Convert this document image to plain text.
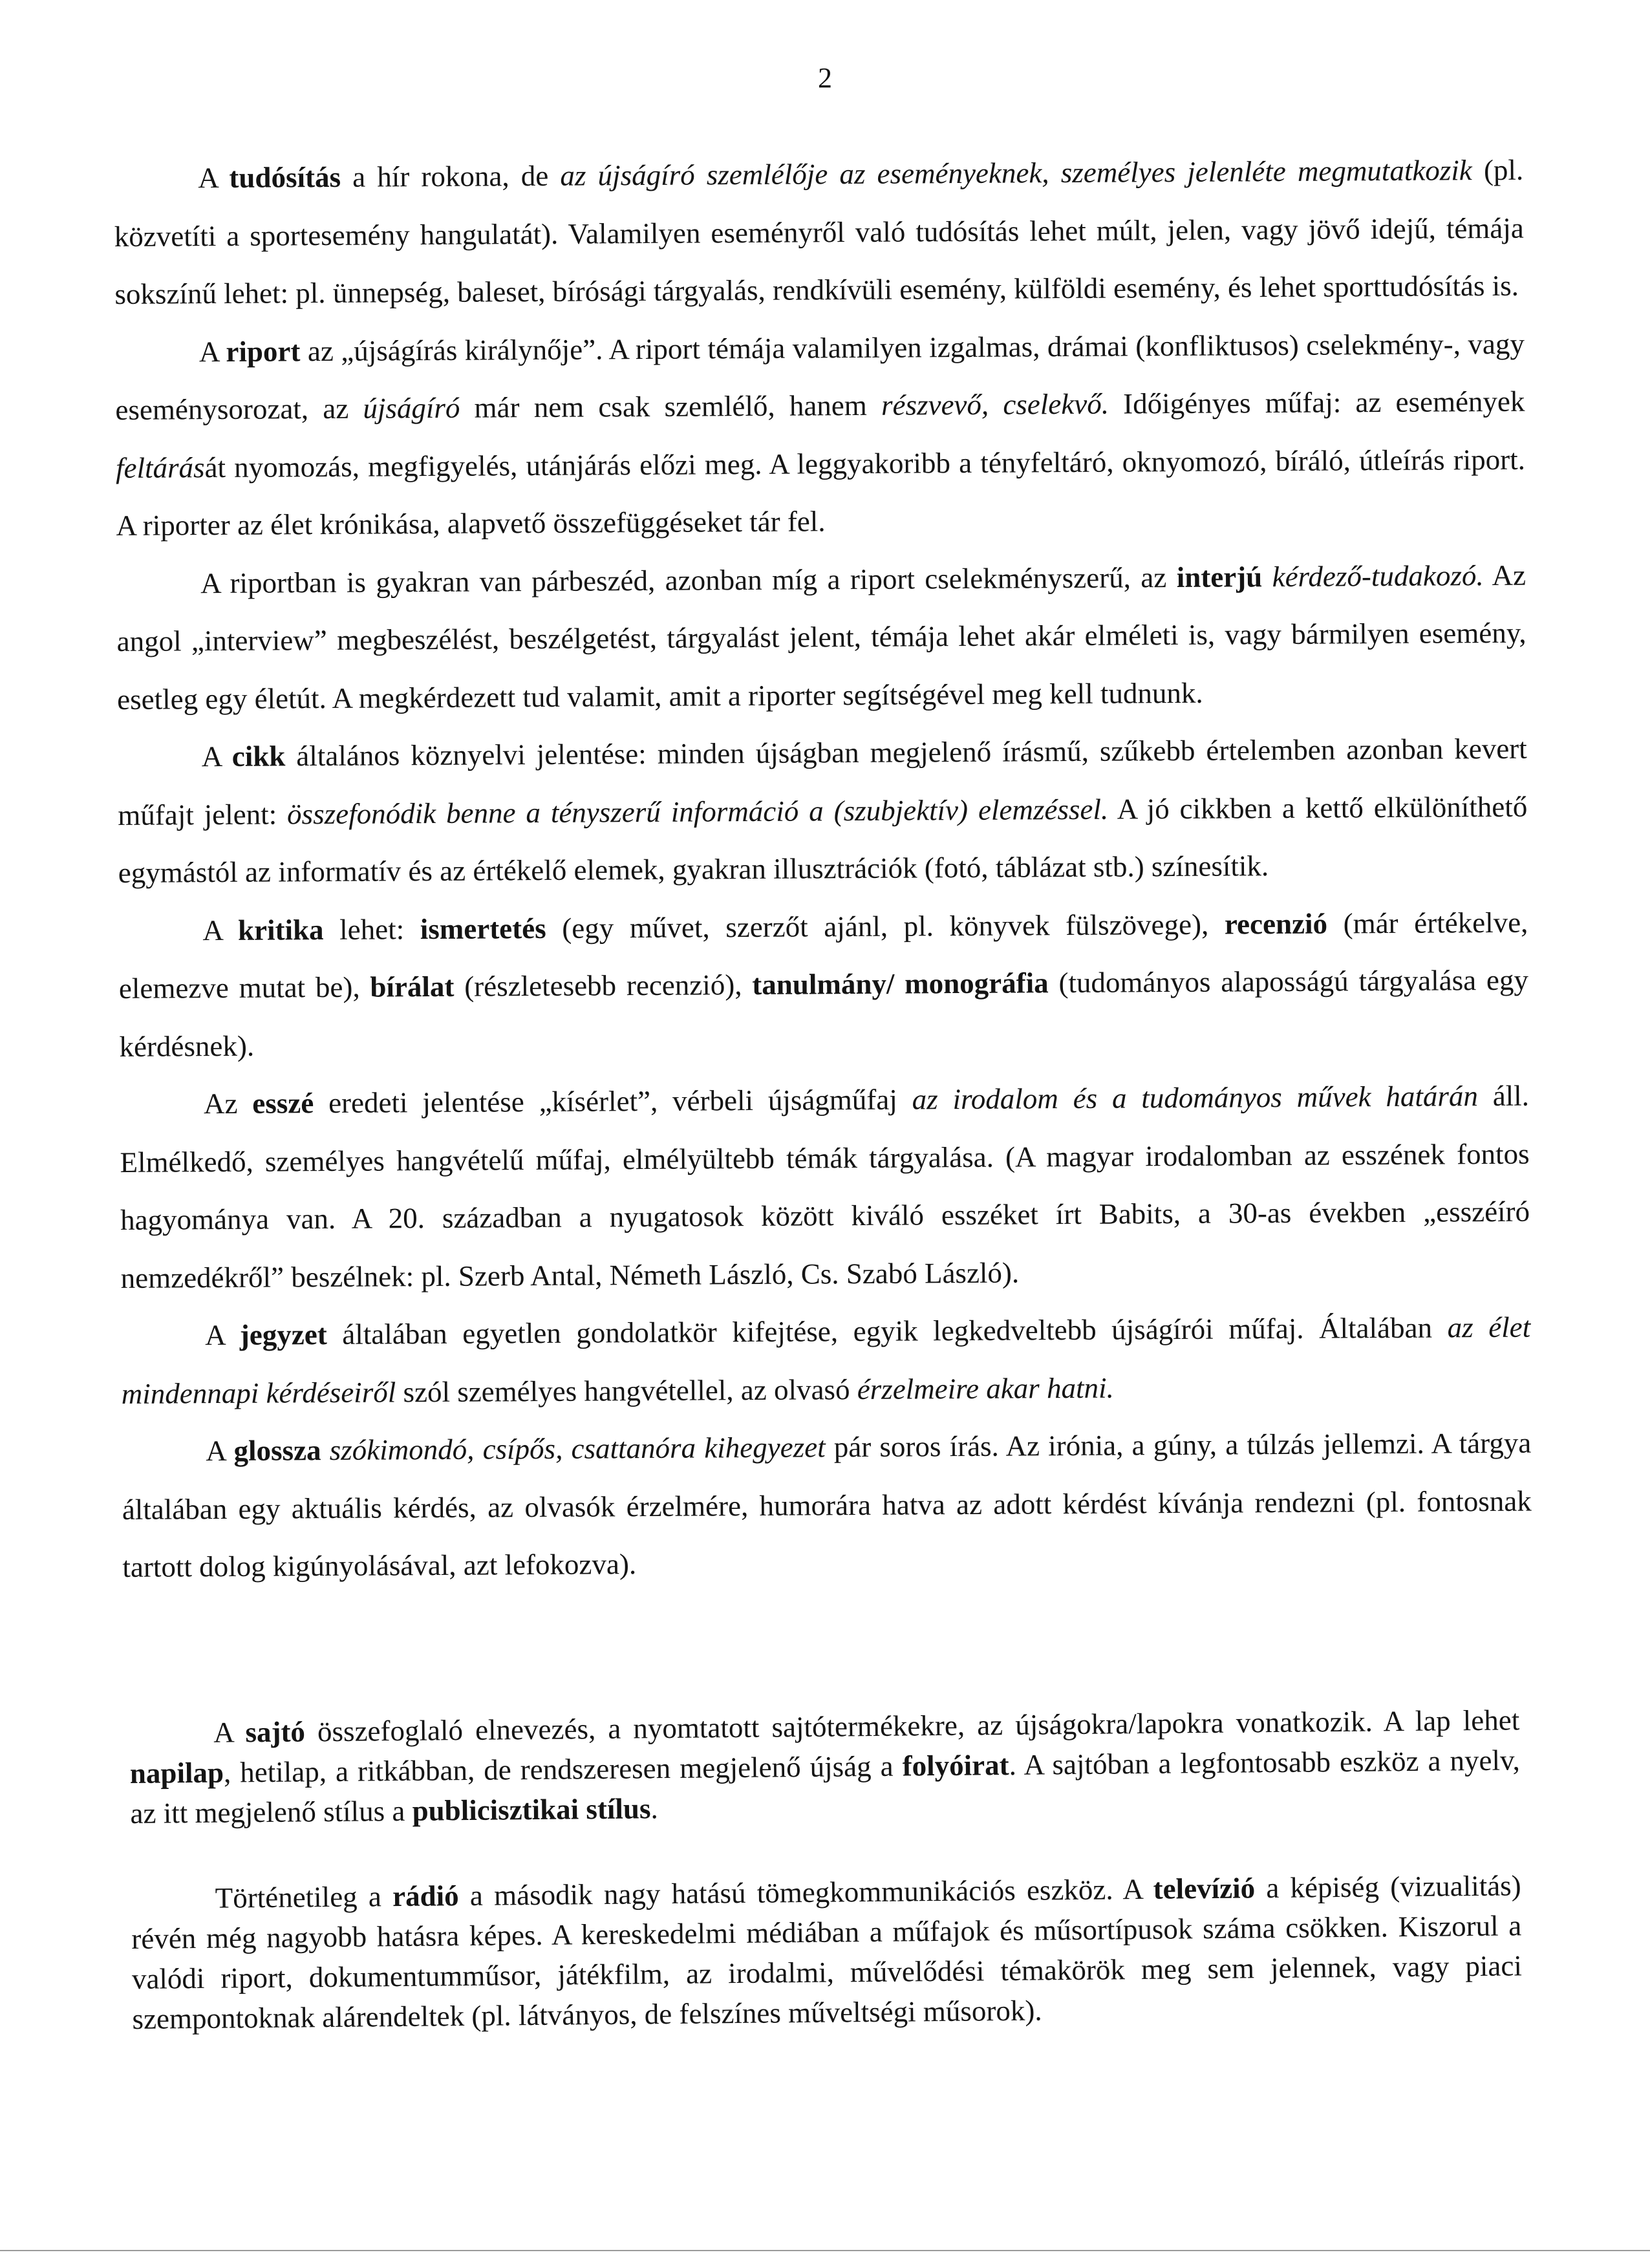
2

A tudósítás a hír rokona, de az újságíró szemlélője az eseményeknek, személyes jelenléte megmutatkozik (pl. közvetíti a sportesemény hangulatát). Valamilyen eseményről való tudósítás lehet múlt, jelen, vagy jövő idejű, témája sokszínű lehet: pl. ünnepség, baleset, bírósági tárgyalás, rendkívüli esemény, külföldi esemény, és lehet sporttudósítás is.

A riport az „újságírás királynője”. A riport témája valamilyen izgalmas, drámai (konfliktusos) cselekmény-, vagy eseménysorozat, az újságíró már nem csak szemlélő, hanem részvevő, cselekvő. Időigényes műfaj: az események feltárását nyomozás, megfigyelés, utánjárás előzi meg. A leggyakoribb a tényfeltáró, oknyomozó, bíráló, útleírás riport. A riporter az élet krónikása, alapvető összefüggéseket tár fel.

A riportban is gyakran van párbeszéd, azonban míg a riport cselekményszerű, az interjú kérdező-tudakozó. Az angol „interview” megbeszélést, beszélgetést, tárgyalást jelent, témája lehet akár elméleti is, vagy bármilyen esemény, esetleg egy életút. A megkérdezett tud valamit, amit a riporter segítségével meg kell tudnunk.

A cikk általános köznyelvi jelentése: minden újságban megjelenő írásmű, szűkebb értelemben azonban kevert műfajt jelent: összefonódik benne a tényszerű információ a (szubjektív) elemzéssel. A jó cikkben a kettő elkülöníthető egymástól az informatív és az értékelő elemek, gyakran illusztrációk (fotó, táblázat stb.) színesítik.

A kritika lehet: ismertetés (egy művet, szerzőt ajánl, pl. könyvek fülszövege), recenzió (már értékelve, elemezve mutat be), bírálat (részletesebb recenzió), tanulmány/ monográfia (tudományos alaposságú tárgyalása egy kérdésnek).

Az esszé eredeti jelentése „kísérlet”, vérbeli újságműfaj az irodalom és a tudományos művek határán áll. Elmélkedő, személyes hangvételű műfaj, elmélyültebb témák tárgyalása. (A magyar irodalomban az esszének fontos hagyománya van. A 20. században a nyugatosok között kiváló esszéket írt Babits, a 30-as években „esszéíró nemzedékről” beszélnek: pl. Szerb Antal, Németh László, Cs. Szabó László).

A jegyzet általában egyetlen gondolatkör kifejtése, egyik legkedveltebb újságírói műfaj. Általában az élet mindennapi kérdéseiről szól személyes hangvétellel, az olvasó érzelmeire akar hatni.

A glossza szókimondó, csípős, csattanóra kihegyezet pár soros írás. Az irónia, a gúny, a túlzás jellemzi. A tárgya általában egy aktuális kérdés, az olvasók érzelmére, humorára hatva az adott kérdést kívánja rendezni (pl. fontosnak tartott dolog kigúnyolásával, azt lefokozva).

A sajtó összefoglaló elnevezés, a nyomtatott sajtótermékekre, az újságokra/lapokra vonatkozik. A lap lehet napilap, hetilap, a ritkábban, de rendszeresen megjelenő újság a folyóirat. A sajtóban a legfontosabb eszköz a nyelv, az itt megjelenő stílus a publicisztikai stílus.

Történetileg a rádió a második nagy hatású tömegkommunikációs eszköz. A televízió a képiség (vizualitás) révén még nagyobb hatásra képes. A kereskedelmi médiában a műfajok és műsortípusok száma csökken. Kiszorul a valódi riport, dokumentumműsor, játékfilm, az irodalmi, művelődési témakörök meg sem jelennek, vagy piaci szempontoknak alárendeltek (pl. látványos, de felszínes műveltségi műsorok).
